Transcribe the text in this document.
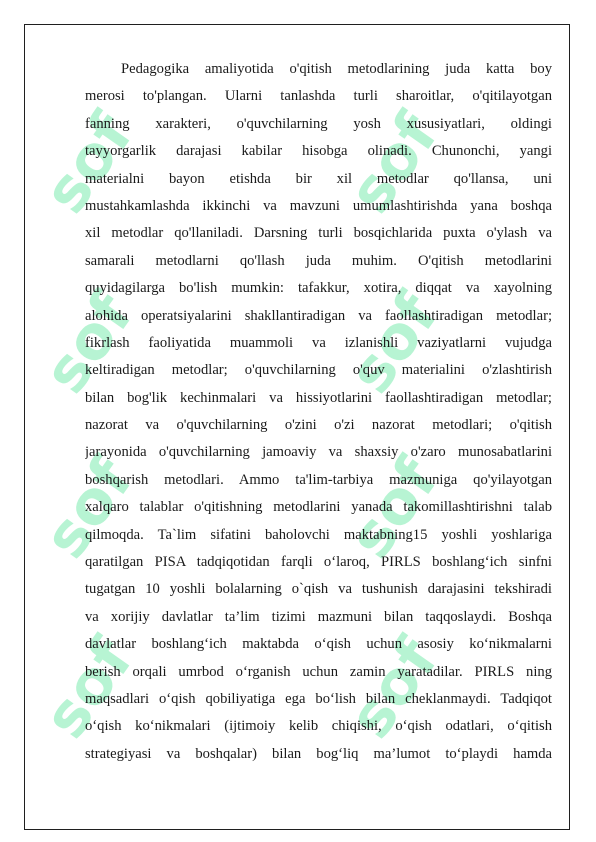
sof	sof
sof	sof
sof	sof
sof	sof
Pedagogika amaliyotida o'qitish metodlarining juda katta boy
merosi to'plangan. Ularni tanlashda turli sharoitlar, o'qitilayotgan
fanning xarakteri, o'quvchilarning yosh xususiyatlari, oldingi
tayyorgarlik darajasi kabilar hisobga olinadi. Chunonchi, yangi
materialni bayon etishda bir xil metodlar qo'llansa, uni
mustahkamlashda ikkinchi va mavzuni umumlashtirishda yana boshqa
xil metodlar qo'llaniladi. Darsning turli bosqichlarida puxta o'ylash va
samarali metodlarni qo'llash juda muhim. O'qitish metodlarini
quyidagilarga bo'lish mumkin: tafakkur, xotira, diqqat va xayolning
alohida operatsiyalarini shakllantiradigan va faollashtiradigan metodlar;
fikrlash faoliyatida muammoli va izlanishli vaziyatlarni vujudga
keltiradigan metodlar; o'quvchilarning o'quv materialini o'zlashtirish
bilan bog'lik kechinmalari va hissiyotlarini faollashtiradigan metodlar;
nazorat va o'quvchilarning o'zini o'zi nazorat metodlari; o'qitish
jarayonida o'quvchilarning jamoaviy va shaxsiy o'zaro munosabatlarini
boshqarish metodlari. Ammo ta'lim-tarbiya mazmuniga qo'yilayotgan
xalqaro talablar o'qitishning metodlarini yanada takomillashtirishni talab
qilmoqda. Ta`lim sifatini baholovchi maktabning15 yoshli yoshlariga
qaratilgan PISA tadqiqotidan farqli o‘laroq, PIRLS boshlang‘ich sinfni
tugatgan 10 yoshli bolalarning o`qish va tushunish darajasini tekshiradi
va xorijiy davlatlar ta’lim tizimi mazmuni bilan taqqoslaydi. Boshqa
davlatlar boshlang‘ich maktabda o‘qish uchun asosiy ko‘nikmalarni
berish orqali umrbod o‘rganish uchun zamin yaratadilar. PIRLS ning
maqsadlari o‘qish qobiliyatiga ega bo‘lish bilan cheklanmaydi. Tadqiqot
o‘qish ko‘nikmalari (ijtimoiy kelib chiqishi, o‘qish odatlari, o‘qitish
strategiyasi va boshqalar) bilan bog‘liq ma’lumot to‘playdi hamda
